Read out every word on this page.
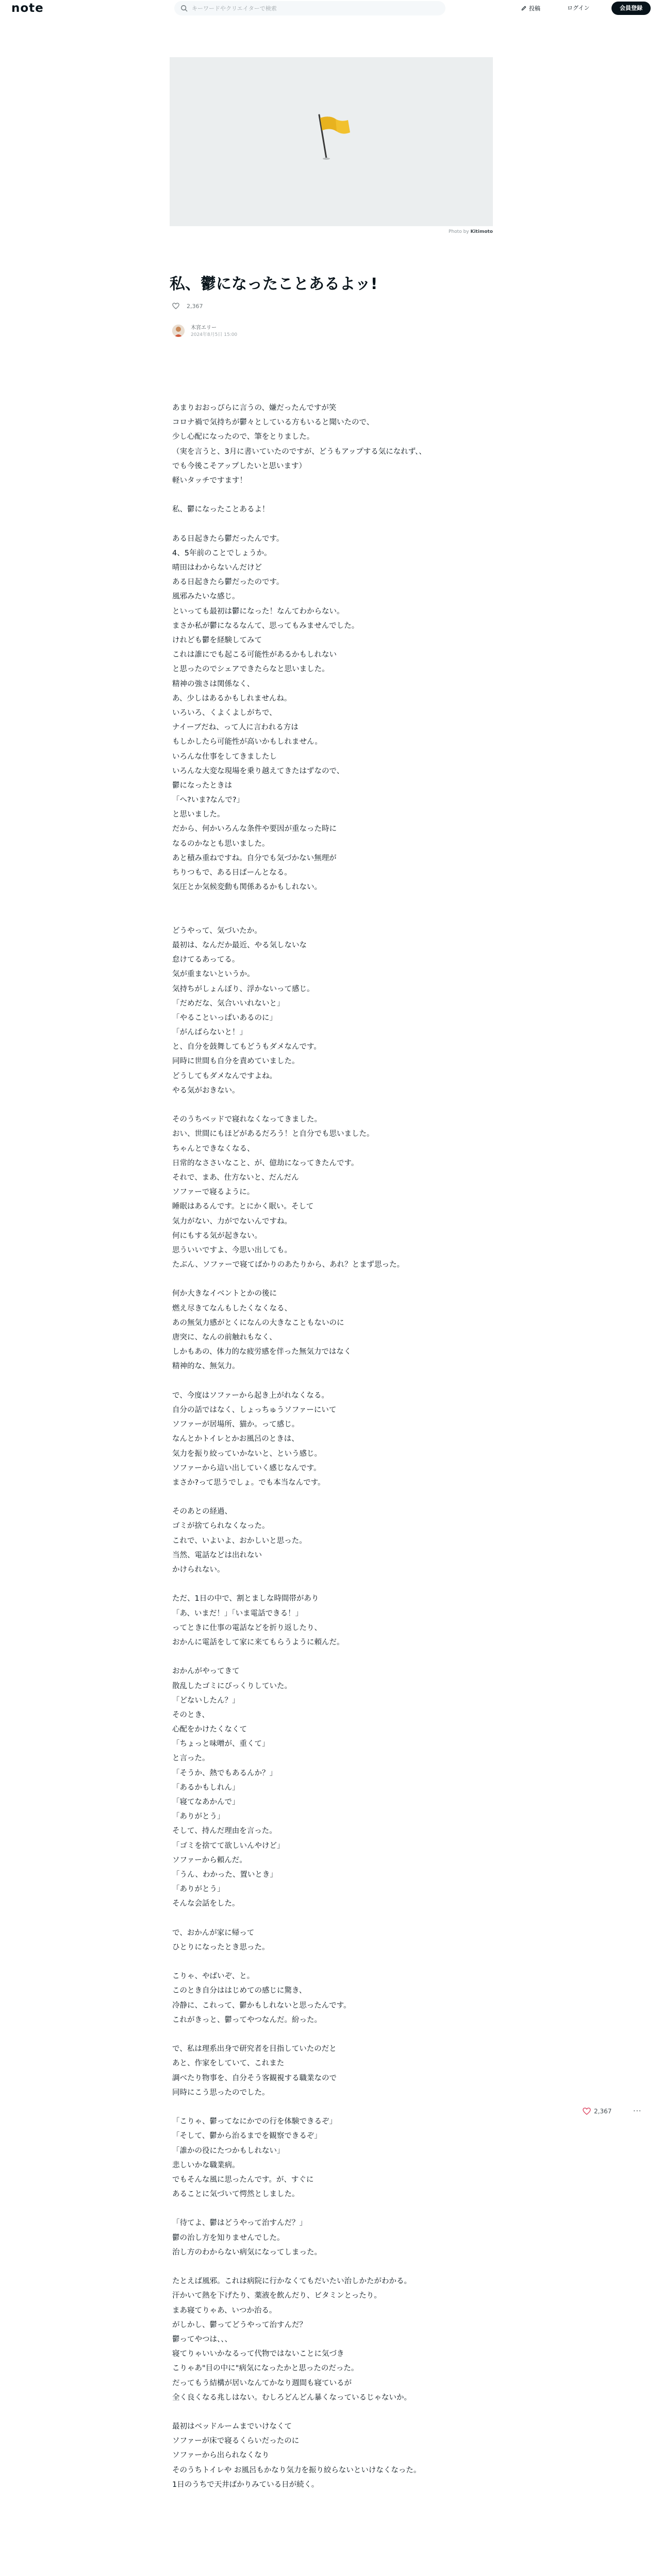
note
キーワードやクリエイターで検索	投稿	ログイン	会員登録
Photo by Kitimoto
私、鬱になったことあるよッ!
2,367
木宮エリー
2024年8月5日 15:00

あまりおおっぴらに言うの、嫌だったんですが笑

コロナ禍で気持ちが鬱々としている方もいると聞いたので、

少し心配になったので、筆をとりました。

（実を言うと、3月に書いていたのですが、どうもアップする気になれず、、

でも今後こそアップしたいと思います）

軽いタッチですます！

私、鬱になったことあるよ！

ある日起きたら鬱だったんです。

4、5年前のことでしょうか。

晴田はわからないんだけど

ある日起きたら鬱だったのです。

風邪みたいな感じ。

といっても最初は鬱になった！なんてわからない。

まさか私が鬱になるなんて、思ってもみませんでした。

けれども鬱を経験してみて

これは誰にでも起こる可能性があるかもしれない

と思ったのでシェアできたらなと思いました。

精神の強さは関係なく、

あ、少しはあるかもしれませんね。

いろいろ、くよくよしがちで、

ナイーブだね、って人に言われる方は

もしかしたら可能性が高いかもしれません。

いろんな仕事をしてきましたし

いろんな大変な現場を乗り越えてきたはずなので、

鬱になったときは

「へ?いま?なんで?」

と思いました。

だから、何かいろんな条件や要因が重なった時に

なるのかなとも思いました。

あと積み重ねですね。自分でも気づかない無理が

ちりつもで、ある日ばーんとなる。

気圧とか気候変動も関係あるかもしれない。

どうやって、気づいたか。

最初は、なんだか最近、やる気しないな

怠けてるあってる。

気が重まないというか。

気持ちがしょんぼり、浮かないって感じ。

「だめだな、気合いいれないと」

「やることいっぱいあるのに」

「がんばらないと！」

と、自分を鼓舞してもどうもダメなんです。

同時に世間も自分を責めていました。

どうしてもダメなんですよね。

やる気がおきない。

そのうちベッドで寝れなくなってきました。

おい、世間にもほどがあるだろう！と自分でも思いました。

ちゃんとできなくなる、

日常的なささいなこと、が、億劫になってきたんです。

それで、まあ、仕方ないと、だんだん

ソファーで寝るように。

睡眠はあるんです。とにかく眠い。そして

気力がない、力がでないんですね。

何にもする気が起きない。

思ういいですよ、今思い出しても。

たぶん、ソファーで寝てばかりのあたりから、あれ？とまず思った。

何か大きなイベントとかの後に

燃え尽きてなんもしたくなくなる、

あの無気力感がとくになんの大きなこともないのに

唐突に、なんの前触れもなく、

しかもあの、体力的な疲労感を伴った無気力ではなく

精神的な、無気力。

で、今度はソファーから起き上がれなくなる。

自分の話ではなく、しょっちゅうソファーにいて

ソファーが居場所、猫か。って感じ。

なんとかトイレとかお風呂のときは、

気力を振り絞っていかないと、という感じ。

ソファーから這い出していく感じなんです。

まさか?って思うでしょ。でも本当なんです。

そのあとの経過、

ゴミが捨てられなくなった。

これで、いよいよ、おかしいと思った。

当然、電話などは出れない

かけられない。

ただ、1日の中で、割とましな時間帯があり

「あ、いまだ！」「いま電話できる！」

ってときに仕事の電話などを折り返したり、

おかんに電話をして家に来てもらうように頼んだ。

おかんがやってきて

散乱したゴミにびっくりしていた。

「どないしたん？」

そのとき、

心配をかけたくなくて

「ちょっと味噌が、重くて」

と言った。

「そうか、熱でもあるんか？」

「あるかもしれん」

「寝てなあかんで」

「ありがとう」

そして、持んだ理由を言った。

「ゴミを捨てて欲しいんやけど」

ソファーから頼んだ。

「うん、わかった、置いとき」

「ありがとう」

そんな会話をした。

で、おかんが家に帰って

ひとりになったとき思った。

こりゃ、やばいぞ、と。

このとき自分ははじめての感じに驚き、

冷静に、これって、鬱かもしれないと思ったんです。

これがきっと、鬱ってやつなんだ。紛った。

で、私は理系出身で研究者を目指していたのだと

あと、作家をしていて、これまた

調べたり物事を、自分そう客観視する職業なので

同時にこう思ったのでした。

「こりゃ、鬱ってなにかでの行を体験できるぞ」

「そして、鬱から治るまでを観察できるぞ」

「誰かの役にたつかもしれない」

悲しいかな職業病。

でもそんな風に思ったんです。が、すぐに

あることに気づいて愕然としました。

「待てよ、鬱はどうやって治すんだ？」

鬱の治し方を知りませんでした。

治し方のわからない病気になってしまった。

たとえば風邪。これは病院に行かなくてもだいたい治しかたがわかる。

汗かいて熱を下げたり、薬液を飲んだり、ビタミンとったり。

まあ寝てりゃあ、いつか治る。

がしかし、鬱ってどうやって治すんだ？

鬱ってやつは、、、

寝てりゃいいかなるって代物ではないことに気づき

こりゃあ"目の中に"病気になったかと思ったのだった。

だってもう結構が居いなんてかなり週間も寝ているが

全く良くなる兆しはない。むしろどんどん暴くなっているじゃないか。

最初はベッドルームまでいけなくて

ソファーが床で寝るくらいだったのに

ソファーから出られなくなり

そのうちトイレや お風呂もかなり気力を振り絞らないといけなくなった。

1日のうちで天井ばかりみている日が続く。

2,367	···
